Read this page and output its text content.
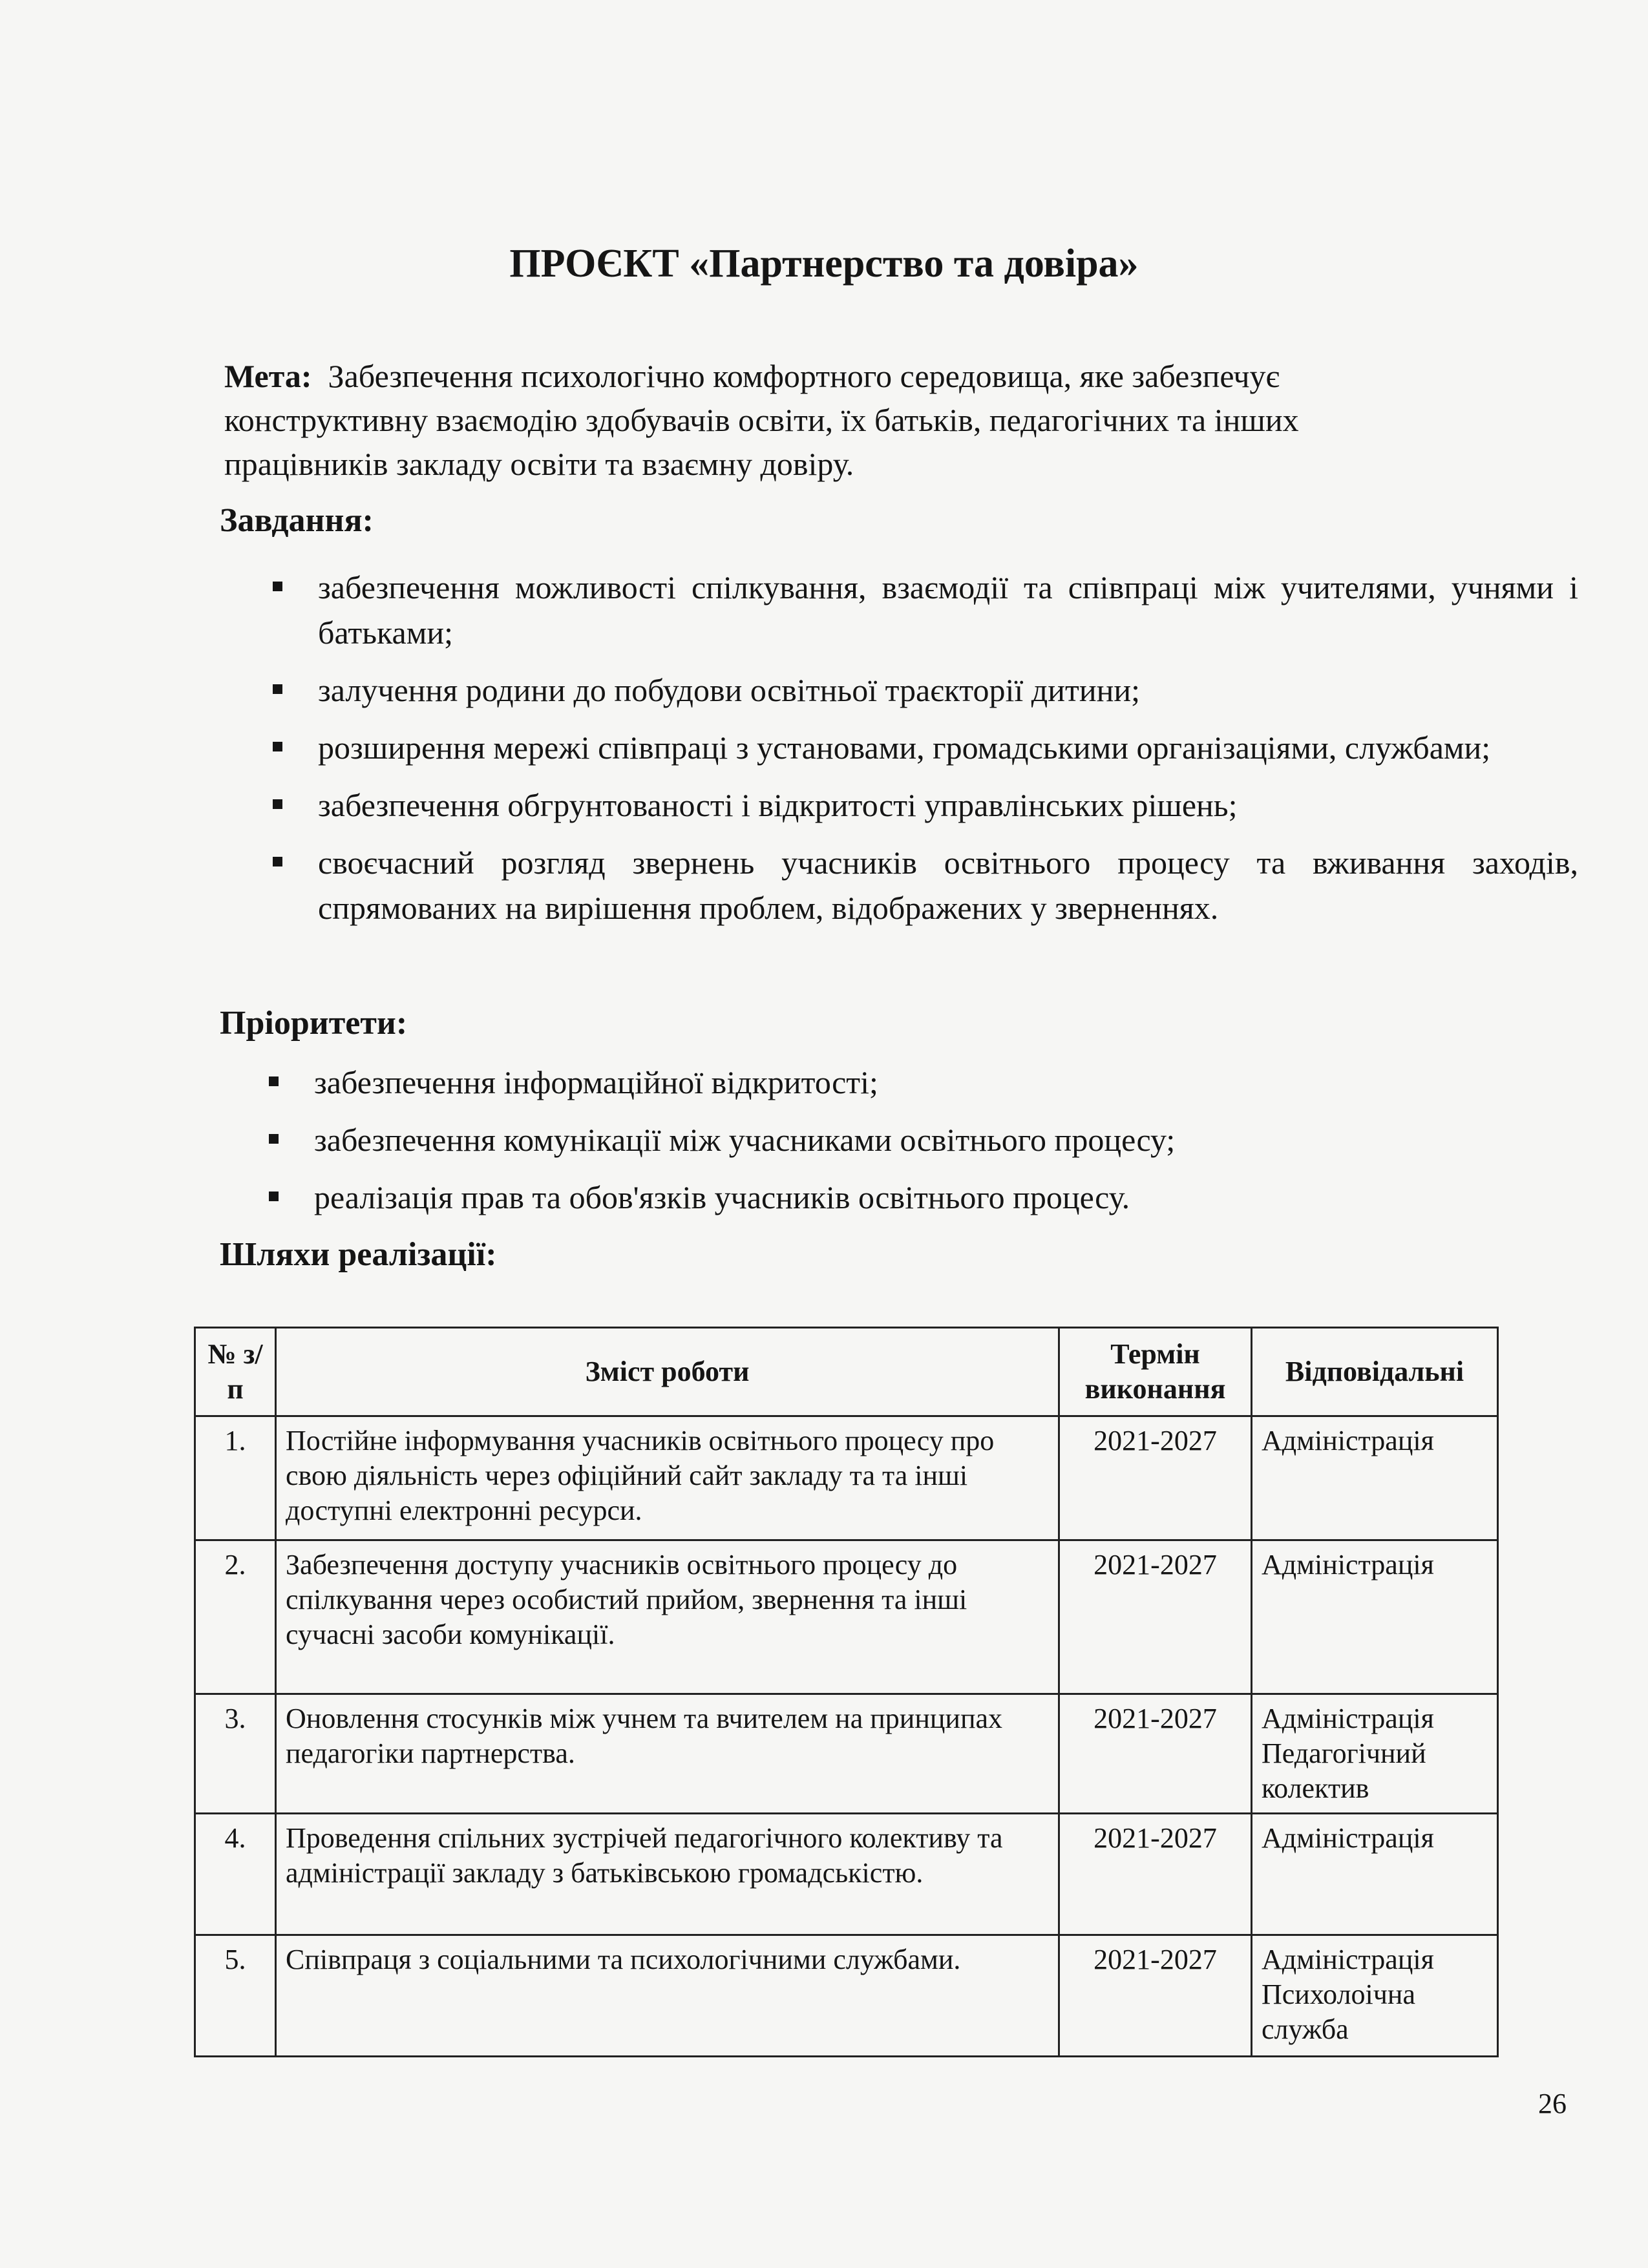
ПРОЄКТ «Партнерство та довіра»
Мета: Забезпечення психологічно комфортного середовища, яке забезпечує конструктивну взаємодію здобувачів освіти, їх батьків, педагогічних та інших працівників закладу освіти та взаємну довіру.
Завдання:
забезпечення можливості спілкування, взаємодії та співпраці між учителями, учнями і батьками;
залучення родини до побудови освітньої траєкторії дитини;
розширення мережі співпраці з установами, громадськими організаціями, службами;
забезпечення обгрунтованості і відкритості управлінських рішень;
своєчасний розгляд звернень учасників освітнього процесу та вживання заходів, спрямованих на вирішення проблем, відображених у зверненнях.
Пріоритети:
забезпечення інформаційної відкритості;
забезпечення комунікації між учасниками освітнього процесу;
реалізація прав та обов'язків учасників освітнього процесу.
Шляхи реалізації:
№ з/п	Зміст роботи	Термін виконання	Відповідальні
1.	Постійне інформування учасників освітнього процесу про свою діяльність через офіційний сайт закладу та та інші доступні електронні ресурси.	2021-2027	Адміністрація
2.	Забезпечення доступу учасників освітнього процесу до спілкування через особистий прийом, звернення та інші сучасні засоби комунікації.	2021-2027	Адміністрація
3.	Оновлення стосунків між учнем та вчителем на принципах педагогіки партнерства.	2021-2027	Адміністрація Педагогічний колектив
4.	Проведення спільних зустрічей педагогічного колективу та адміністрації закладу з батьківською громадськістю.	2021-2027	Адміністрація
5.	Співпраця з соціальними та психологічними службами.	2021-2027	Адміністрація Психолоічна служба
26
